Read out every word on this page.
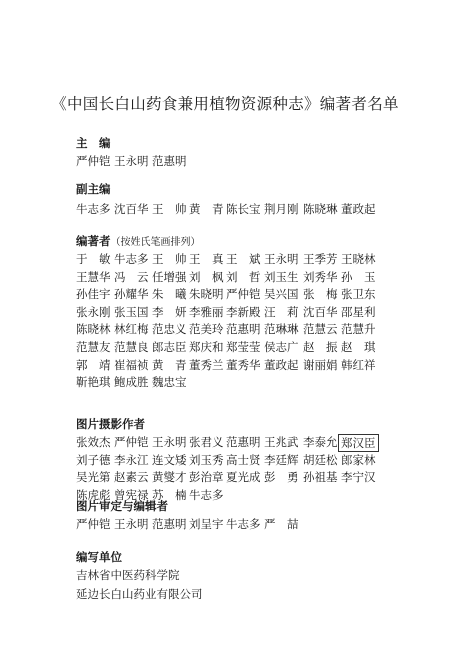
《中国长白山药食兼用植物资源种志》编著者名单
主　编
严仲铠 王永明 范惠明
副主编
牛志多 沈百华 王　帅 黄　青 陈长宝 荆月刚 陈晓琳 董政起
编著者（按姓氏笔画排列）
于　敏 牛志多 王　帅 王　真 王　斌 王永明 王季芳 王晓林
王慧华 冯　云 任增强 刘　枫 刘　哲 刘玉生 刘秀华 孙　玉
孙佳宇 孙耀华 朱　曦 朱晓明 严仲铠 吴兴国 张　梅 张卫东
张永刚 张玉国 李　妍 李雅丽 李新殿 汪　莉 沈百华 邵星利
陈晓林 林红梅 范忠义 范美玲 范惠明 范琳琳 范慧云 范慧升
范慧友 范慧良 郎志臣 郑庆和 郑莹莹 侯志广 赵　振 赵　琪
郭　靖 崔福祯 黄　青 董秀兰 董秀华 董政起 谢丽娟 韩红祥
靳艳琪 鲍成胜 魏忠宝
图片摄影作者
张效杰 严仲铠 王永明 张君义 范惠明 王兆武 李泰允 郑汉臣
刘子德 李永江 连文矮 刘玉秀 高士贤 李廷辉 胡廷松 郎家林
吴光第 赵素云 黄燮才 彭治章 夏光成 彭　勇 孙祖基 李宁汉
陈虎彪 曾宪禄 苏　楠 牛志多
图片审定与编辑者
严仲铠 王永明 范惠明 刘呈宇 牛志多 严　喆
编写单位
吉林省中医药科学院
延边长白山药业有限公司
